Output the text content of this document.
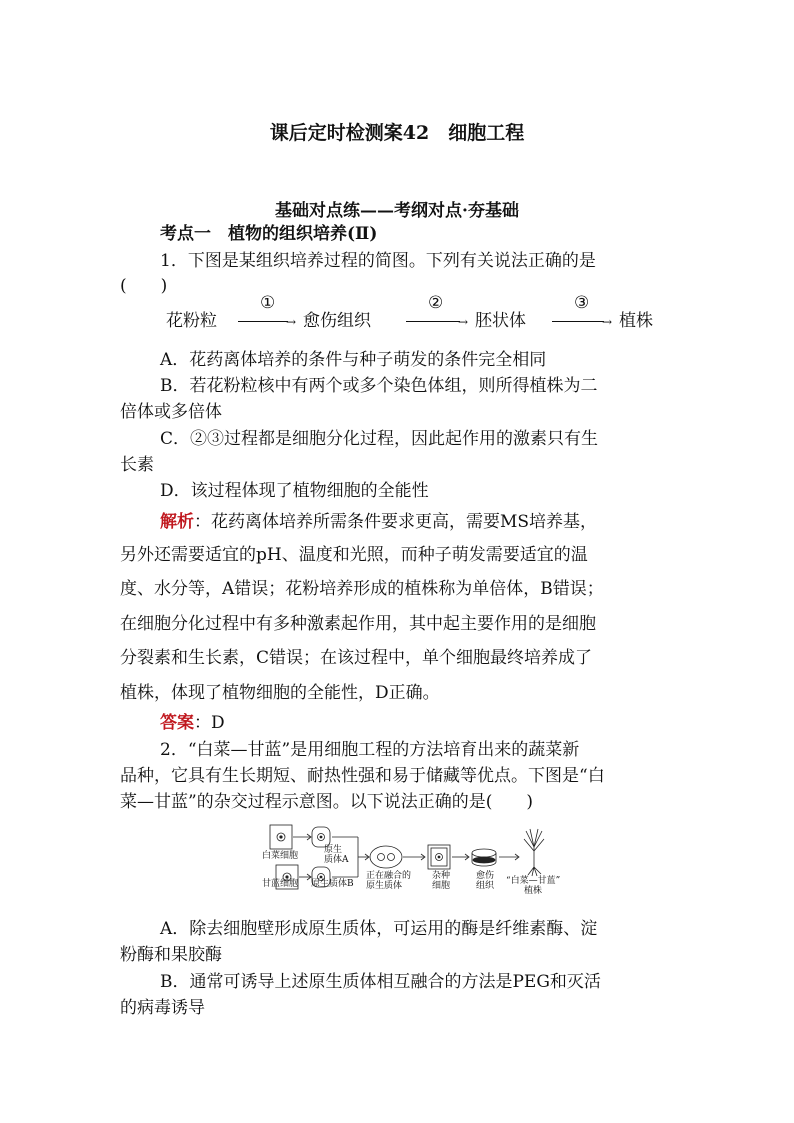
课后定时检测案42　细胞工程
基础对点练——考纲对点·夯基础
考点一　植物的组织培养(Ⅱ)
1．下图是某组织培养过程的简图。下列有关说法正确的是
(　　)
花粉粒
①
→ 愈伤组织
②
→ 胚状体
③
→ 植株
A．花药离体培养的条件与种子萌发的条件完全相同
B．若花粉粒核中有两个或多个染色体组，则所得植株为二
倍体或多倍体
C．②③过程都是细胞分化过程，因此起作用的激素只有生
长素
D．该过程体现了植物细胞的全能性
解析：花药离体培养所需条件要求更高，需要MS培养基，
另外还需要适宜的pH、温度和光照，而种子萌发需要适宜的温
度、水分等，A错误；花粉培养形成的植株称为单倍体，B错误；
在细胞分化过程中有多种激素起作用，其中起主要作用的是细胞
分裂素和生长素，C错误；在该过程中，单个细胞最终培养成了
植株，体现了植物细胞的全能性，D正确。
答案：D
2．“白菜—甘蓝”是用细胞工程的方法培育出来的蔬菜新
品种，它具有生长期短、耐热性强和易于储藏等优点。下图是“白
菜—甘蓝”的杂交过程示意图。以下说法正确的是(　　)
白菜细胞
原生
质体A
甘蓝细胞 原生质体B
正在融合的
原生质体
杂种
细胞
愈伤
组织 “白菜—甘蓝”
植株
A．除去细胞壁形成原生质体，可运用的酶是纤维素酶、淀
粉酶和果胶酶
B．通常可诱导上述原生质体相互融合的方法是PEG和灭活
的病毒诱导
